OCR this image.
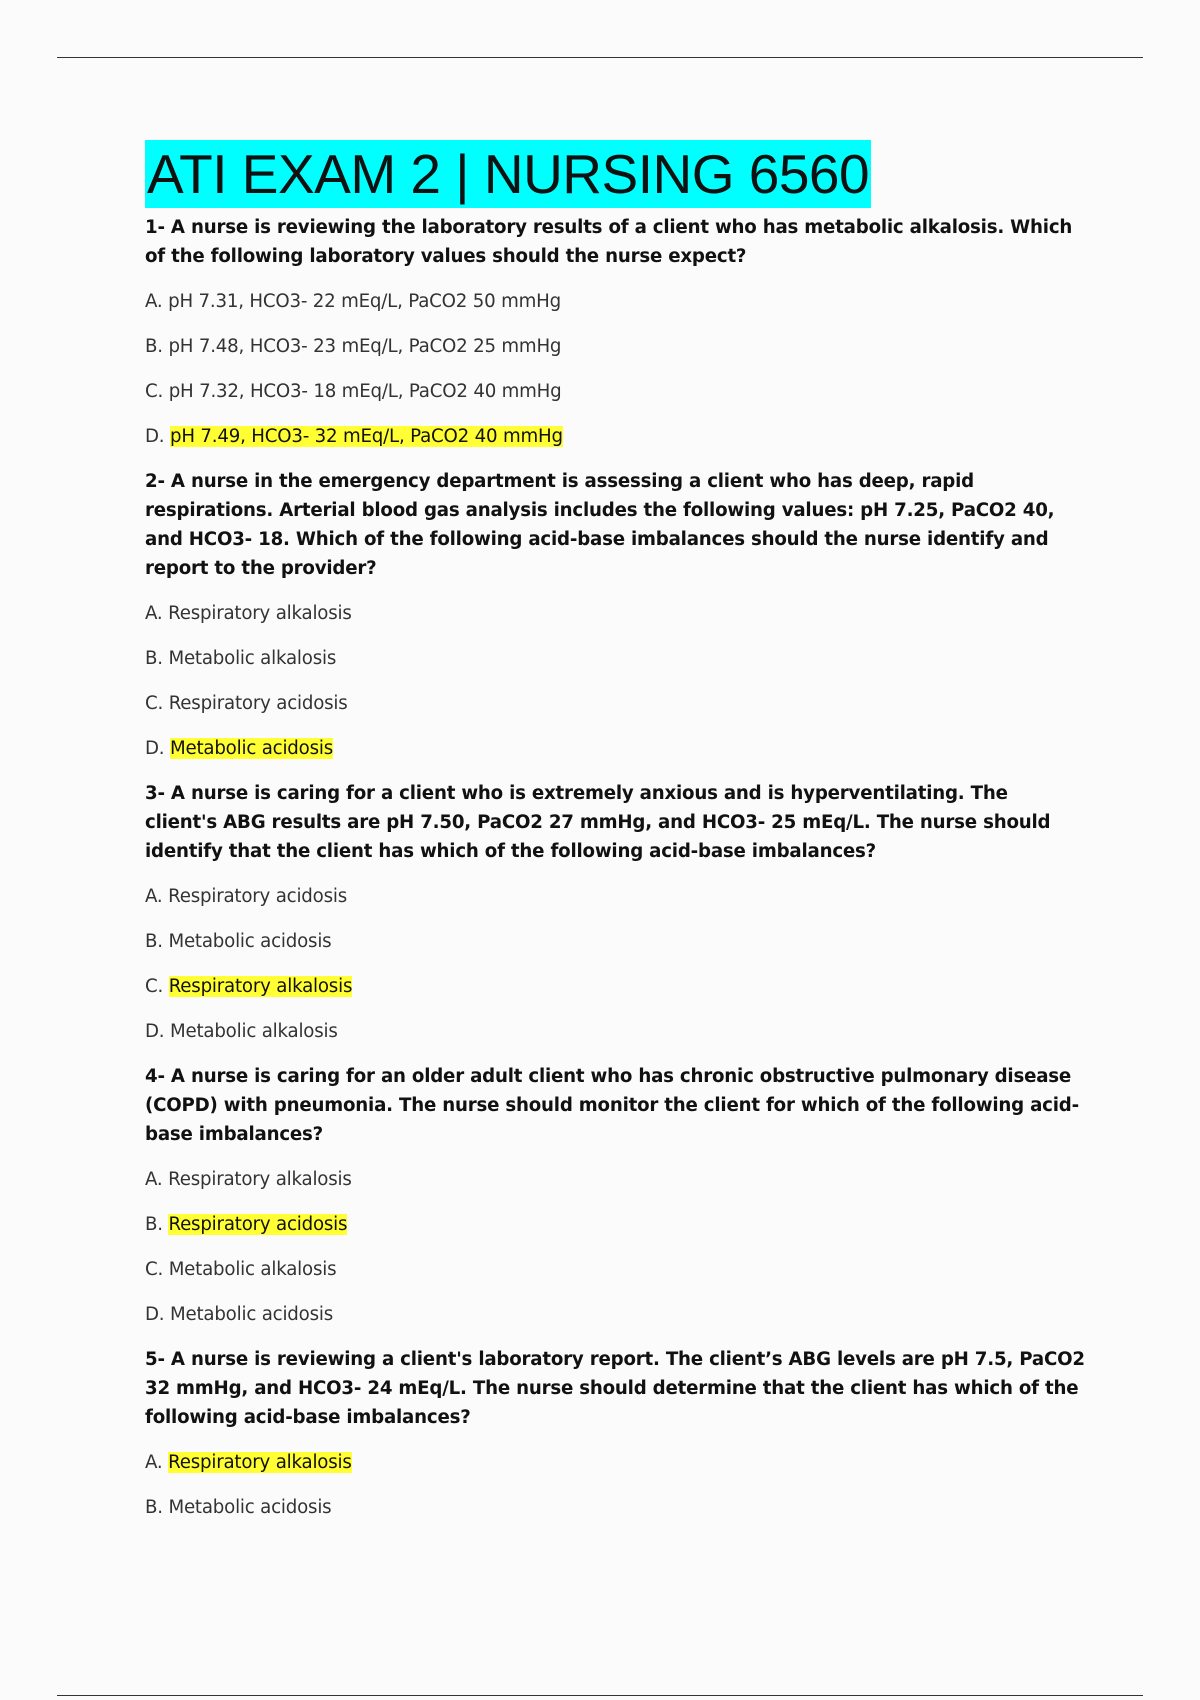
ATI EXAM 2 | NURSING 6560

1- A nurse is reviewing the laboratory results of a client who has metabolic alkalosis. Which of the following laboratory values should the nurse expect?

A. pH 7.31, HCO3- 22 mEq/L, PaCO2 50 mmHg

B. pH 7.48, HCO3- 23 mEq/L, PaCO2 25 mmHg

C. pH 7.32, HCO3- 18 mEq/L, PaCO2 40 mmHg

D. pH 7.49, HCO3- 32 mEq/L, PaCO2 40 mmHg

2- A nurse in the emergency department is assessing a client who has deep, rapid respirations. Arterial blood gas analysis includes the following values: pH 7.25, PaCO2 40, and HCO3- 18. Which of the following acid-base imbalances should the nurse identify and report to the provider?

A. Respiratory alkalosis

B. Metabolic alkalosis

C. Respiratory acidosis

D. Metabolic acidosis

3- A nurse is caring for a client who is extremely anxious and is hyperventilating. The client's ABG results are pH 7.50, PaCO2 27 mmHg, and HCO3- 25 mEq/L. The nurse should identify that the client has which of the following acid-base imbalances?

A. Respiratory acidosis

B. Metabolic acidosis

C. Respiratory alkalosis

D. Metabolic alkalosis

4- A nurse is caring for an older adult client who has chronic obstructive pulmonary disease (COPD) with pneumonia. The nurse should monitor the client for which of the following acid-base imbalances?

A. Respiratory alkalosis

B. Respiratory acidosis

C. Metabolic alkalosis

D. Metabolic acidosis

5- A nurse is reviewing a client's laboratory report. The client’s ABG levels are pH 7.5, PaCO2 32 mmHg, and HCO3- 24 mEq/L. The nurse should determine that the client has which of the following acid-base imbalances?

A. Respiratory alkalosis

B. Metabolic acidosis
